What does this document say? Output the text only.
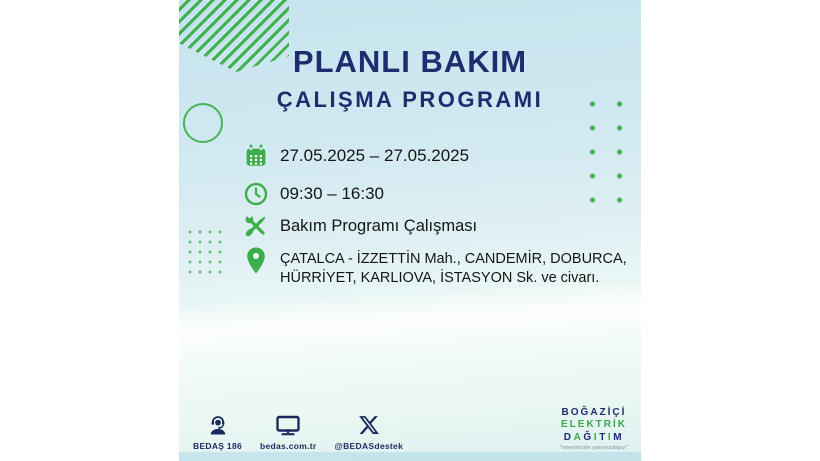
PLANLI BAKIM
ÇALIŞMA PROGRAMI
27.05.2025 – 27.05.2025
09:30 – 16:30
Bakım Programı Çalışması
ÇATALCA - İZZETTİN Mah., CANDEMİR, DOBURCA,
HÜRRİYET, KARLIOVA, İSTASYON Sk. ve civarı.
BEDAŞ 186 bedas.com.tr @BEDASdestek
BOĞAZİÇİ
ELEKTRİK
DAĞITIM
"enerjimizle yanınızdayız"
